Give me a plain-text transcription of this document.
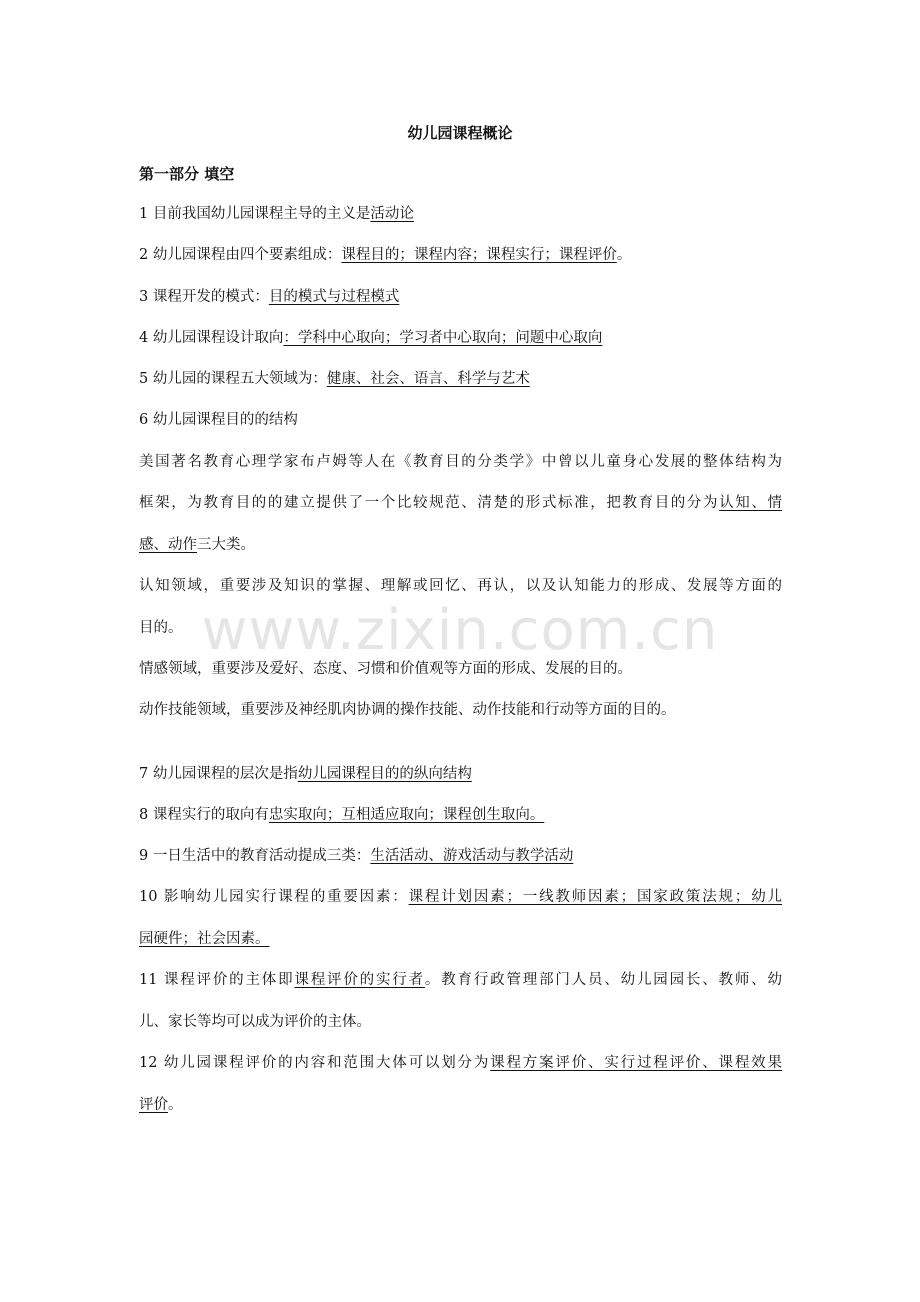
幼儿园课程概论
第一部分 填空
1 目前我国幼儿园课程主导的主义是活动论
2 幼儿园课程由四个要素组成：课程目的；课程内容；课程实行；课程评价。
3 课程开发的模式：目的模式与过程模式
4 幼儿园课程设计取向：学科中心取向；学习者中心取向；问题中心取向
5 幼儿园的课程五大领域为：健康、社会、语言、科学与艺术
6 幼儿园课程目的的结构
美国著名教育心理学家布卢姆等人在《教育目的分类学》中曾以儿童身心发展的整体结构为
框架，为教育目的的建立提供了一个比较规范、清楚的形式标准，把教育目的分为认知、情
感、动作三大类。
认知领域，重要涉及知识的掌握、理解或回忆、再认，以及认知能力的形成、发展等方面的
目的。
情感领域，重要涉及爱好、态度、习惯和价值观等方面的形成、发展的目的。
动作技能领域，重要涉及神经肌肉协调的操作技能、动作技能和行动等方面的目的。
7 幼儿园课程的层次是指幼儿园课程目的的纵向结构
8 课程实行的取向有忠实取向；互相适应取向；课程创生取向。
9 一日生活中的教育活动提成三类：生活活动、游戏活动与教学活动
10 影响幼儿园实行课程的重要因素：课程计划因素；一线教师因素；国家政策法规；幼儿
园硬件；社会因素。
11 课程评价的主体即课程评价的实行者。教育行政管理部门人员、幼儿园园长、教师、幼
儿、家长等均可以成为评价的主体。
12 幼儿园课程评价的内容和范围大体可以划分为课程方案评价、实行过程评价、课程效果
评价。
www.zixin.com.cn
